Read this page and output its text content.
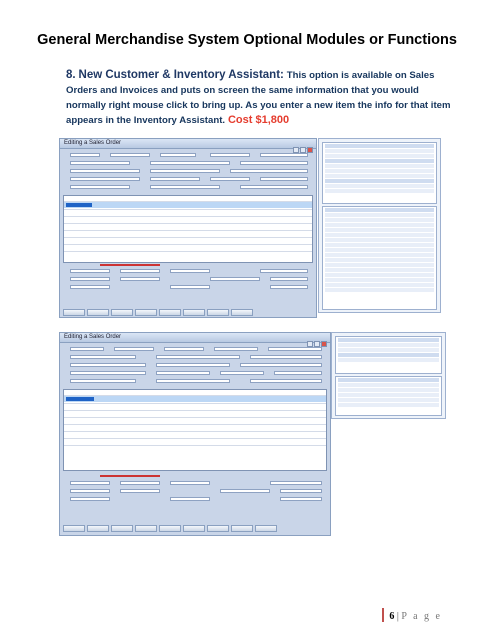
General Merchandise System Optional Modules or Functions
8. New Customer & Inventory Assistant: This option is available on Sales Orders and Invoices and puts on screen the same information that you would normally right mouse click to bring up. As you enter a new item the info for that item appears in the Inventory Assistant. Cost $1,800
Editing a Sales Order
Editing a Sales Order
6 | P a g e
